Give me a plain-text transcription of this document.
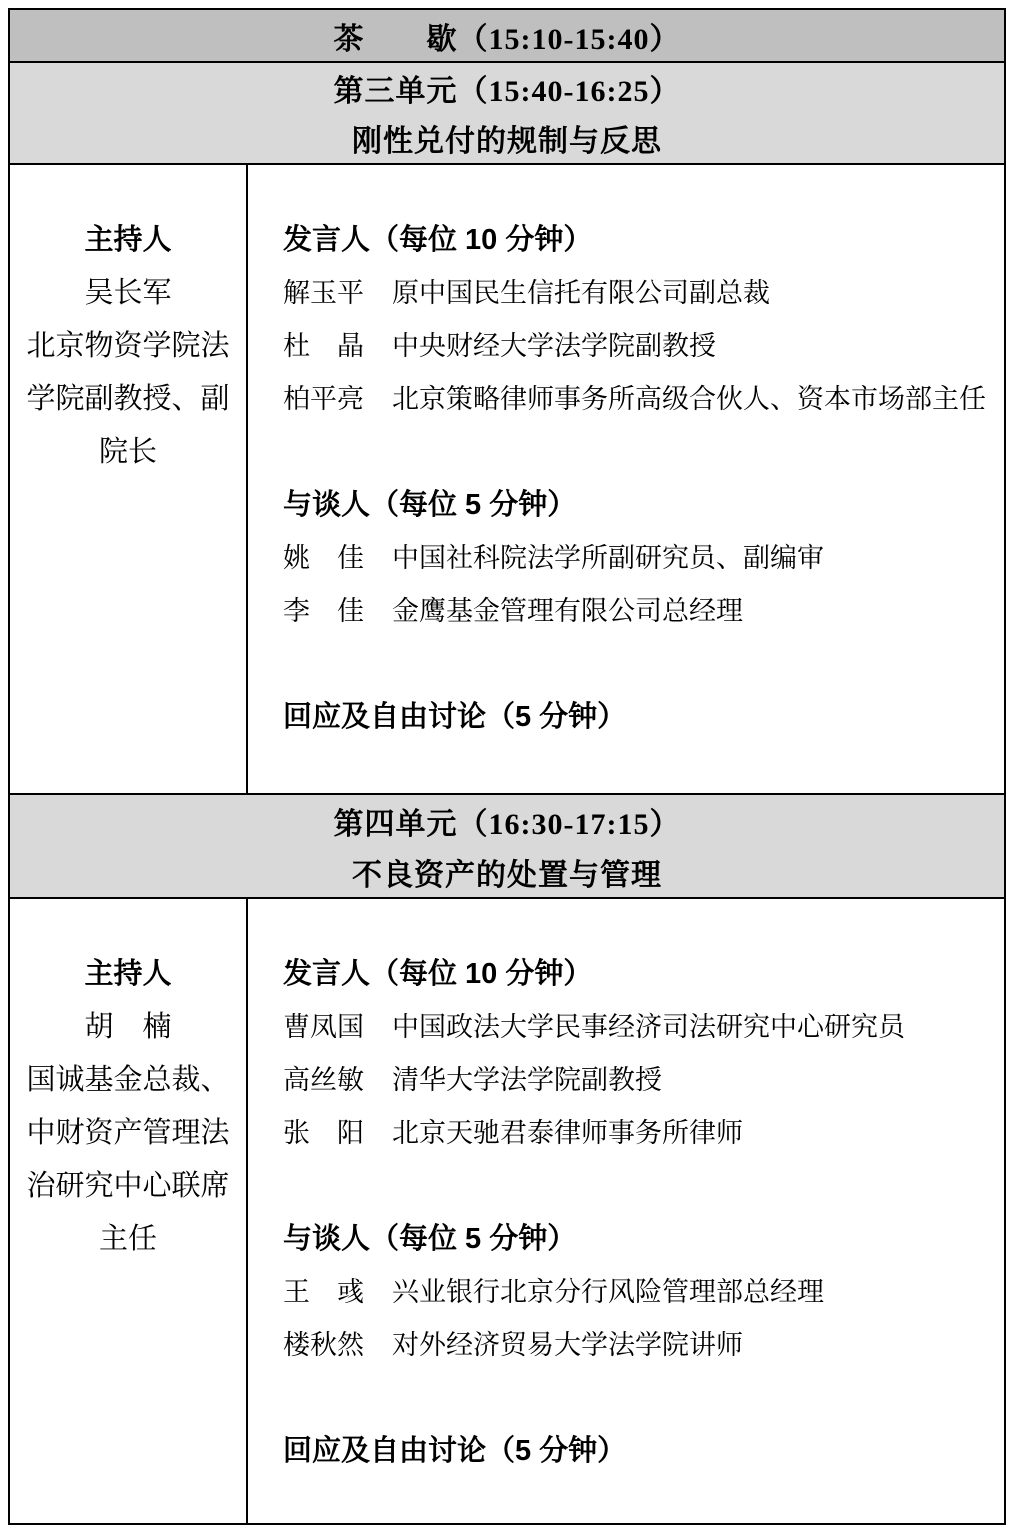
茶　　歇（15:10-15:40）
第三单元（15:40-16:25）
刚性兑付的规制与反思
主持人
吴长军
北京物资学院法
学院副教授、副
院长
发言人（每位 10 分钟）
解玉平 原中国民生信托有限公司副总裁
杜　晶 中央财经大学法学院副教授
柏平亮 北京策略律师事务所高级合伙人、资本市场部主任
与谈人（每位 5 分钟）
姚　佳 中国社科院法学所副研究员、副编审
李　佳 金鹰基金管理有限公司总经理
回应及自由讨论（5 分钟）
第四单元（16:30-17:15）
不良资产的处置与管理
主持人
胡　楠
国诚基金总裁、
中财资产管理法
治研究中心联席
主任
发言人（每位 10 分钟）
曹凤国 中国政法大学民事经济司法研究中心研究员
高丝敏 清华大学法学院副教授
张　阳 北京天驰君泰律师事务所律师
与谈人（每位 5 分钟）
王　彧 兴业银行北京分行风险管理部总经理
楼秋然 对外经济贸易大学法学院讲师
回应及自由讨论（5 分钟）
